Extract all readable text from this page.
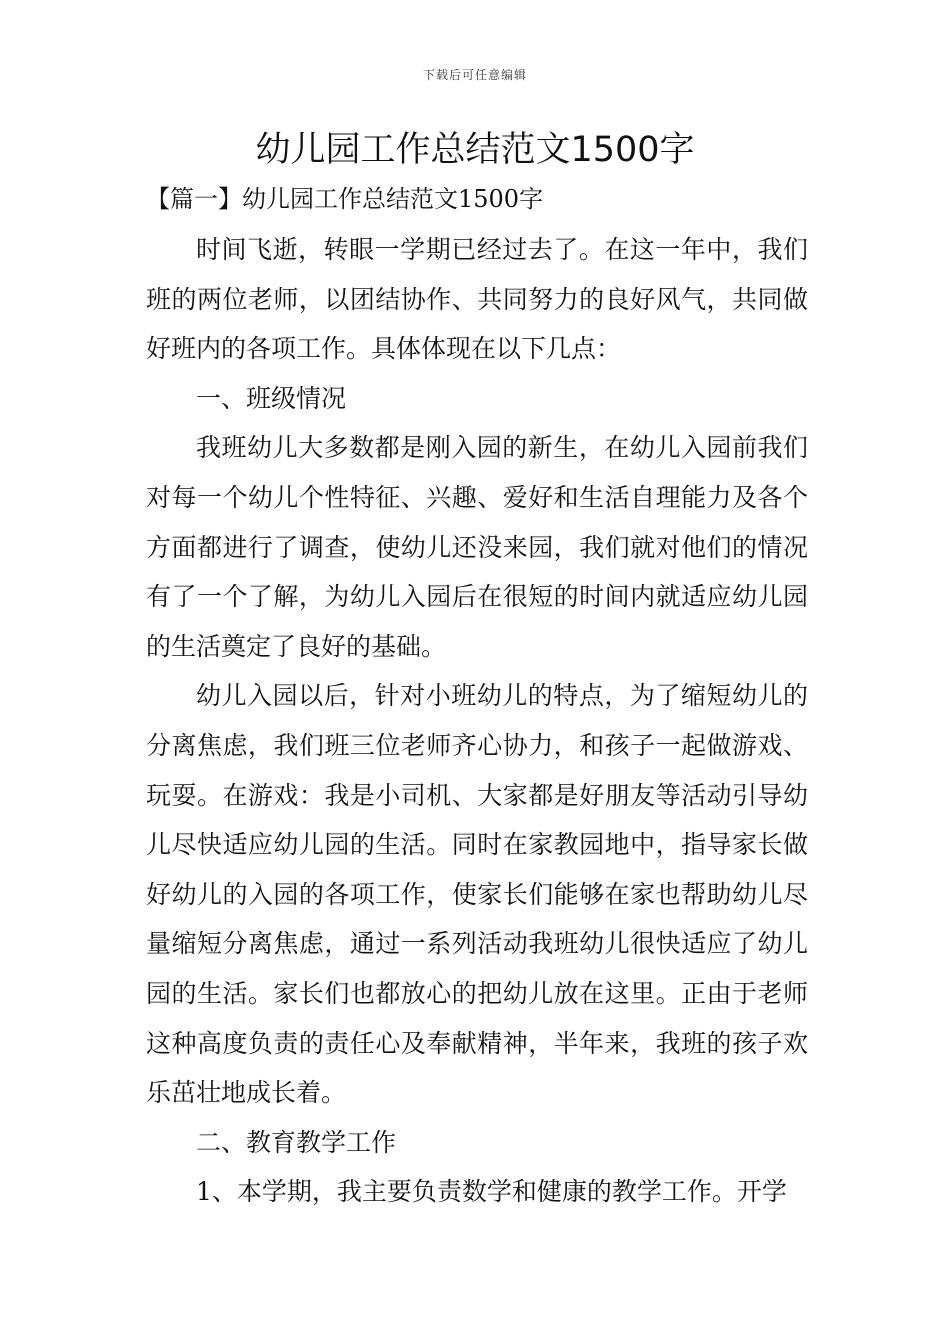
下载后可任意编辑
幼儿园工作总结范文1500字
【篇一】幼儿园工作总结范文1500字

时间飞逝，转眼一学期已经过去了。在这一年中，我们班的两位老师，以团结协作、共同努力的良好风气，共同做好班内的各项工作。具体体现在以下几点：

一、班级情况

我班幼儿大多数都是刚入园的新生，在幼儿入园前我们对每一个幼儿个性特征、兴趣、爱好和生活自理能力及各个方面都进行了调查，使幼儿还没来园，我们就对他们的情况有了一个了解，为幼儿入园后在很短的时间内就适应幼儿园的生活奠定了良好的基础。

幼儿入园以后，针对小班幼儿的特点，为了缩短幼儿的分离焦虑，我们班三位老师齐心协力，和孩子一起做游戏、玩耍。在游戏：我是小司机、大家都是好朋友等活动引导幼儿尽快适应幼儿园的生活。同时在家教园地中，指导家长做好幼儿的入园的各项工作，使家长们能够在家也帮助幼儿尽量缩短分离焦虑，通过一系列活动我班幼儿很快适应了幼儿园的生活。家长们也都放心的把幼儿放在这里。正由于老师这种高度负责的责任心及奉献精神，半年来，我班的孩子欢乐茁壮地成长着。

二、教育教学工作

1、本学期，我主要负责数学和健康的教学工作。开学
